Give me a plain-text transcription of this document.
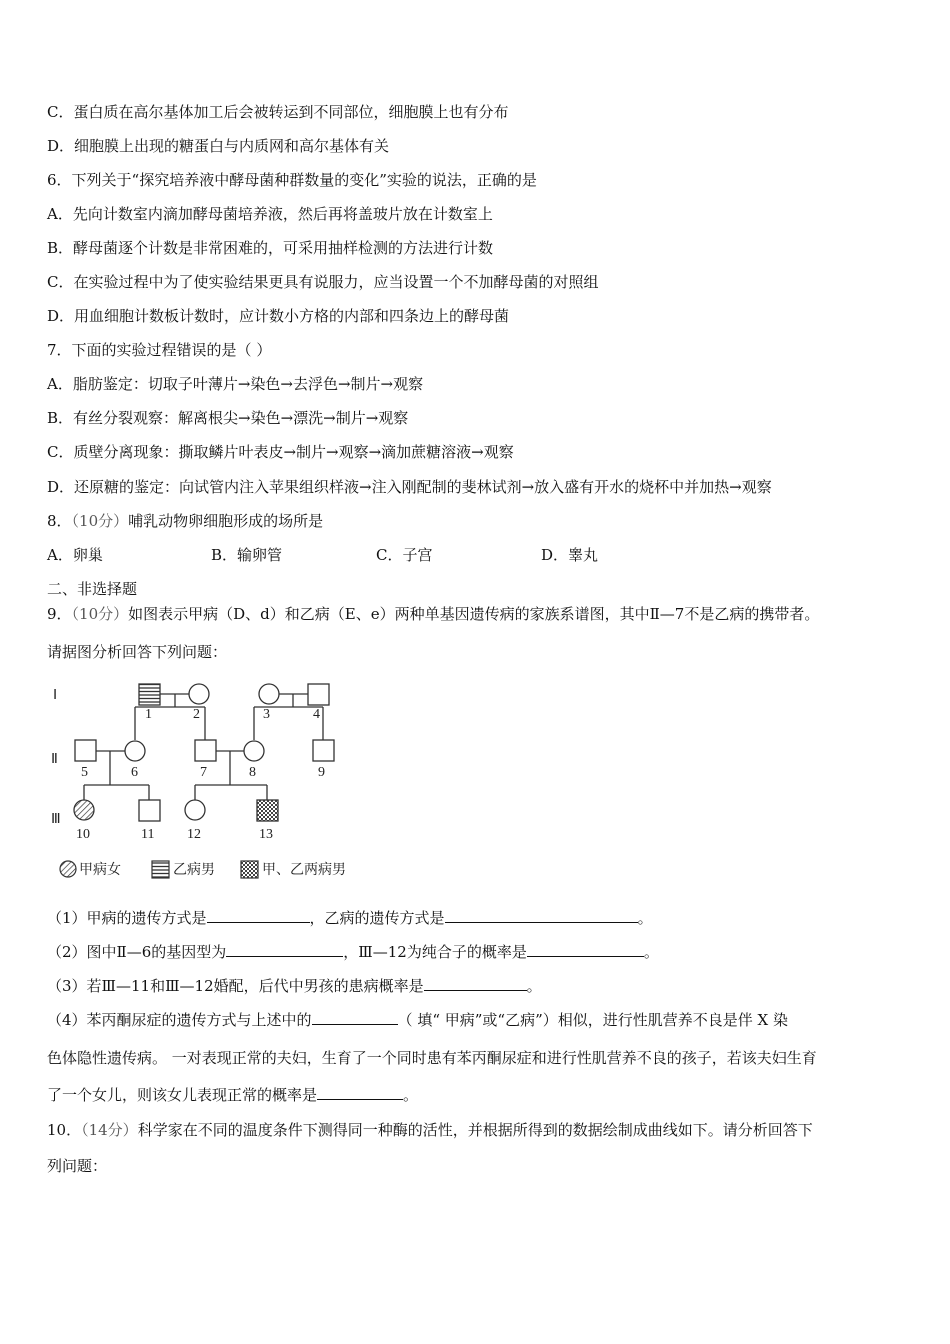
C．蛋白质在高尔基体加工后会被转运到不同部位，细胞膜上也有分布
D．细胞膜上出现的糖蛋白与内质网和高尔基体有关
6．下列关于“探究培养液中酵母菌种群数量的变化”实验的说法，正确的是
A．先向计数室内滴加酵母菌培养液，然后再将盖玻片放在计数室上
B．酵母菌逐个计数是非常困难的，可采用抽样检测的方法进行计数
C．在实验过程中为了使实验结果更具有说服力，应当设置一个不加酵母菌的对照组
D．用血细胞计数板计数时，应计数小方格的内部和四条边上的酵母菌
7．下面的实验过程错误的是（ ）
A．脂肪鉴定：切取子叶薄片→染色→去浮色→制片→观察
B．有丝分裂观察：解离根尖→染色→漂洗→制片→观察
C．质壁分离现象：撕取鳞片叶表皮→制片→观察→滴加蔗糖溶液→观察
D．还原糖的鉴定：向试管内注入苹果组织样液→注入刚配制的斐林试剂→放入盛有开水的烧杯中并加热→观察
8．（10分）哺乳动物卵细胞形成的场所是
A．卵巢	B．输卵管	C．子宫	D．睾丸
二、非选择题
9．（10分）如图表示甲病（D、d）和乙病（E、e）两种单基因遗传病的家族系谱图，其中Ⅱ—7不是乙病的携带者。
请据图分析回答下列问题：
Ⅰ
Ⅱ
Ⅲ
1	2	3	4
5	6	7	8	9
10	11 12	13
甲病女	乙病男	甲、乙两病男
（1）甲病的遗传方式是	，乙病的遗传方式是	。
（2）图中Ⅱ—6的基因型为	，Ⅲ—12为纯合子的概率是	。
（3）若Ⅲ—11和Ⅲ—12婚配，后代中男孩的患病概率是	。
（4）苯丙酮尿症的遗传方式与上述中的	（ 填“ 甲病”或“乙病”）相似，进行性肌营养不良是伴 X 染
色体隐性遗传病。 一对表现正常的夫妇，生育了一个同时患有苯丙酮尿症和进行性肌营养不良的孩子，若该夫妇生育
了一个女儿，则该女儿表现正常的概率是	。
10．（14分）科学家在不同的温度条件下测得同一种酶的活性，并根据所得到的数据绘制成曲线如下。请分析回答下
列问题：
